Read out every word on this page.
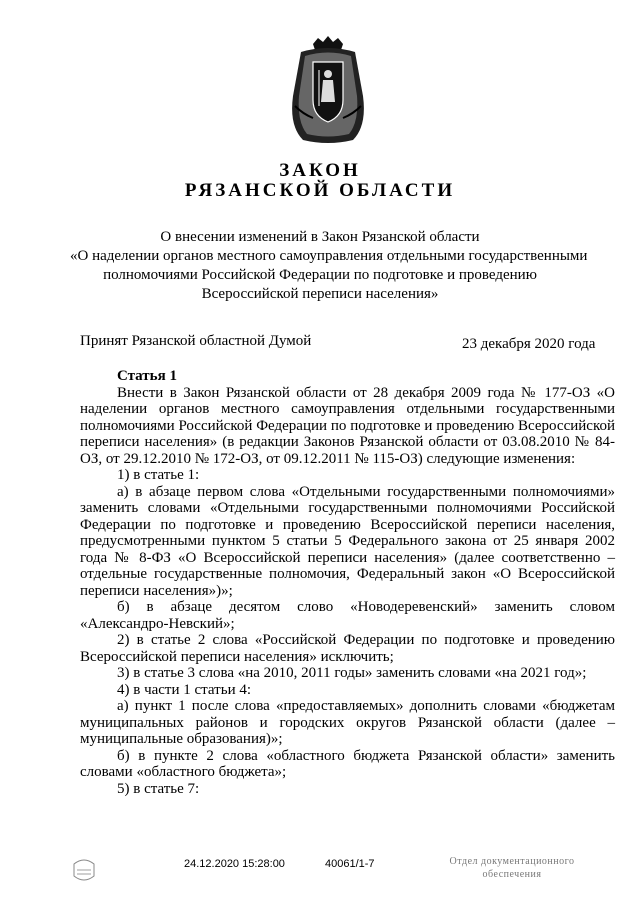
ЗАКОН
РЯЗАНСКОЙ ОБЛАСТИ
О внесении изменений в Закон Рязанской области
«О наделении органов местного самоуправления отдельными государственными
полномочиями Российской Федерации по подготовке и проведению
Всероссийской переписи населения»
Принят Рязанской областной Думой	23 декабря 2020 года

Статья 1

Внести в Закон Рязанской области от 28 декабря 2009 года № 177-ОЗ «О наделении органов местного самоуправления отдельными государственными полномочиями Российской Федерации по подготовке и проведению Всероссийской переписи населения» (в редакции Законов Рязанской области от 03.08.2010 № 84-ОЗ, от 29.12.2010 № 172-ОЗ, от 09.12.2011 № 115-ОЗ) следующие изменения:

1) в статье 1:

а) в абзаце первом слова «Отдельными государственными полномочиями» заменить словами «Отдельными государственными полномочиями Российской Федерации по подготовке и проведению Всероссийской переписи населения, предусмотренными пунктом 5 статьи 5 Федерального закона от 25 января 2002 года № 8-ФЗ «О Всероссийской переписи населения» (далее соответственно – отдельные государственные полномочия, Федеральный закон «О Всероссийской переписи населения»)»;

б) в абзаце десятом слово «Новодеревенский» заменить словом «Александро-Невский»;

2) в статье 2 слова «Российской Федерации по подготовке и проведению Всероссийской переписи населения» исключить;

3) в статье 3 слова «на 2010, 2011 годы» заменить словами «на 2021 год»;

4) в части 1 статьи 4:

а) пункт 1 после слова «предоставляемых» дополнить словами «бюджетам муниципальных районов и городских округов Рязанской области (далее – муниципальные образования)»;

б) в пункте 2 слова «областного бюджета Рязанской области» заменить словами «областного бюджета»;

5) в статье 7:

24.12.2020 15:28:00	40061/1-7	Отдел документационного
обеспечения
